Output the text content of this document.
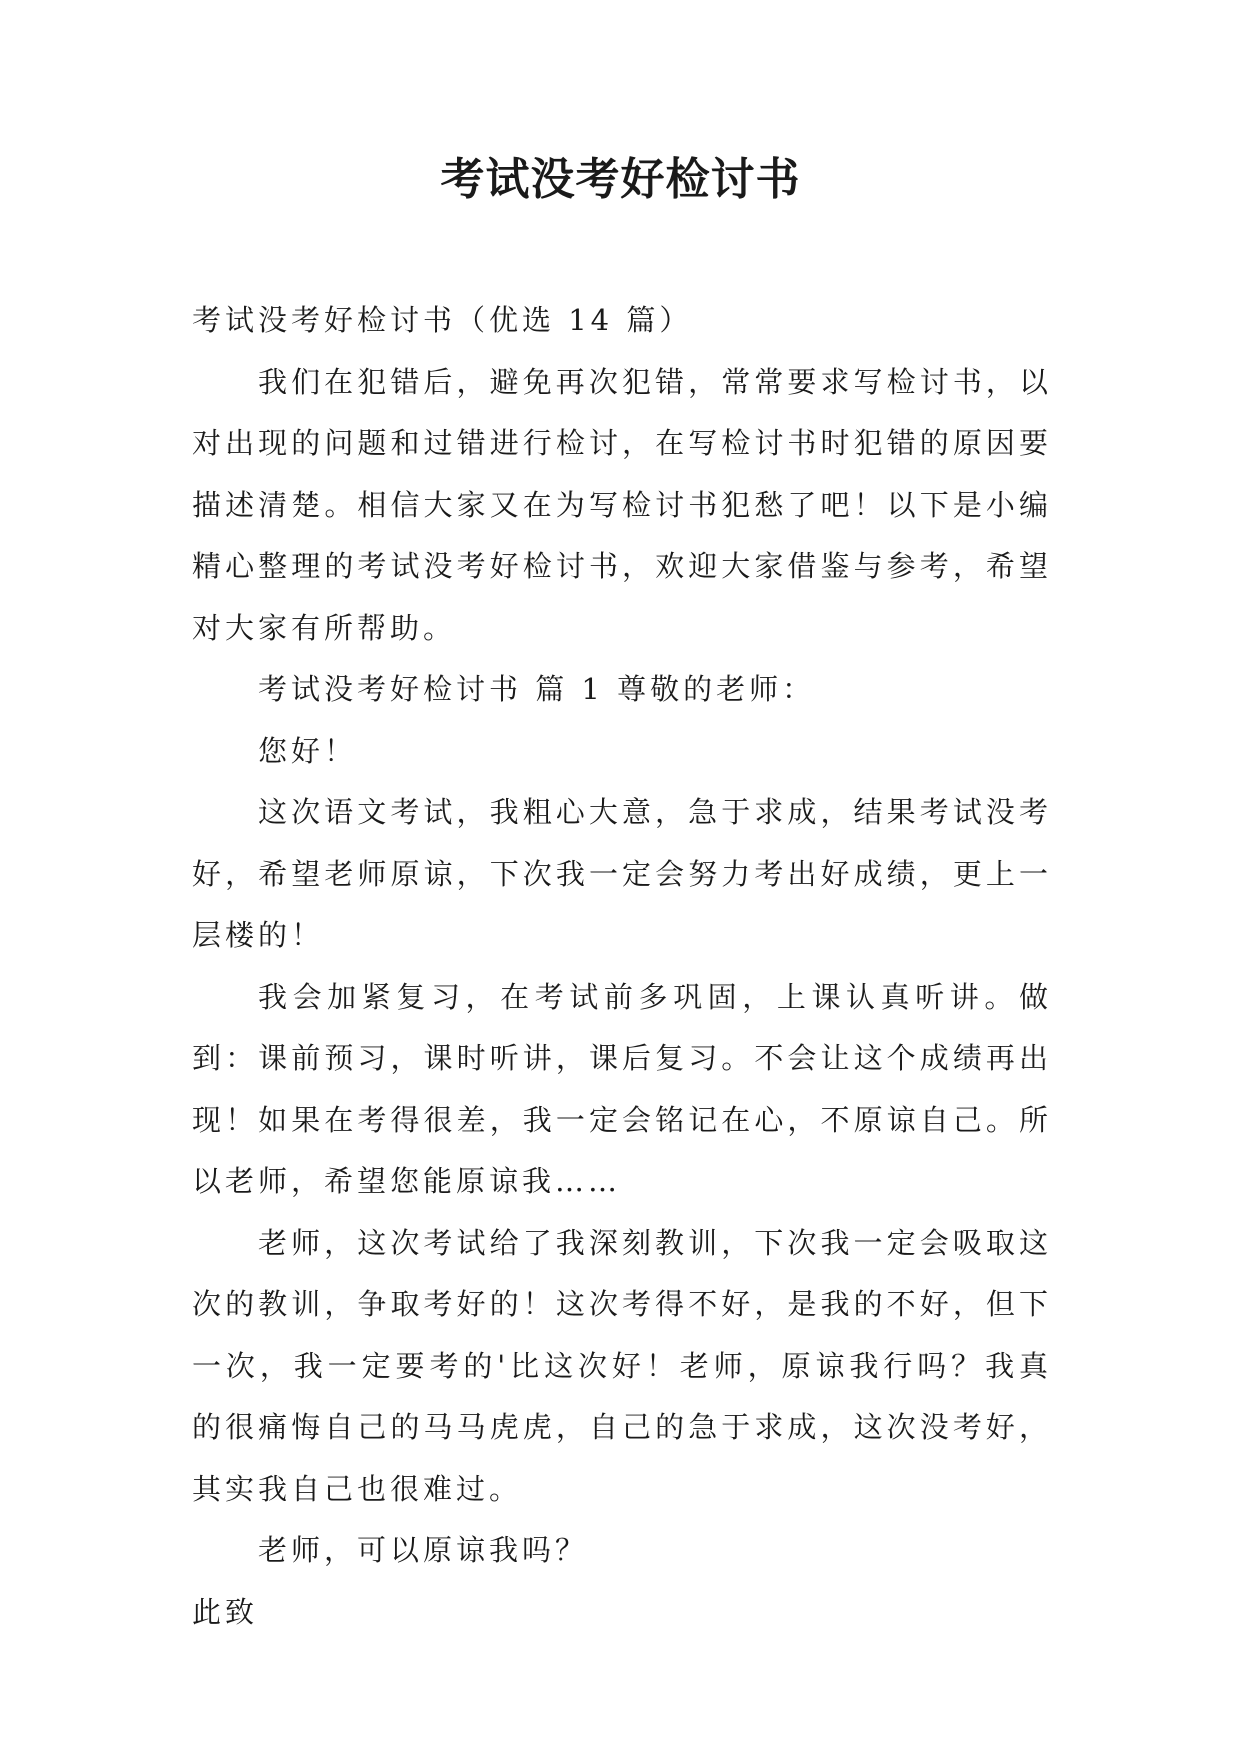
考试没考好检讨书

考试没考好检讨书（优选 14 篇）

我们在犯错后，避免再次犯错，常常要求写检讨书，以对出现的问题和过错进行检讨，在写检讨书时犯错的原因要描述清楚。相信大家又在为写检讨书犯愁了吧！以下是小编精心整理的考试没考好检讨书，欢迎大家借鉴与参考，希望对大家有所帮助。

考试没考好检讨书 篇 1 尊敬的老师：

您好！

这次语文考试，我粗心大意，急于求成，结果考试没考好，希望老师原谅，下次我一定会努力考出好成绩，更上一层楼的！

我会加紧复习，在考试前多巩固，上课认真听讲。做到：课前预习，课时听讲，课后复习。不会让这个成绩再出现！如果在考得很差，我一定会铭记在心，不原谅自己。所以老师，希望您能原谅我……

老师，这次考试给了我深刻教训，下次我一定会吸取这次的教训，争取考好的！这次考得不好，是我的不好，但下一次，我一定要考的'比这次好！老师，原谅我行吗？我真的很痛悔自己的马马虎虎，自己的急于求成，这次没考好，其实我自己也很难过。

老师，可以原谅我吗？

此致
